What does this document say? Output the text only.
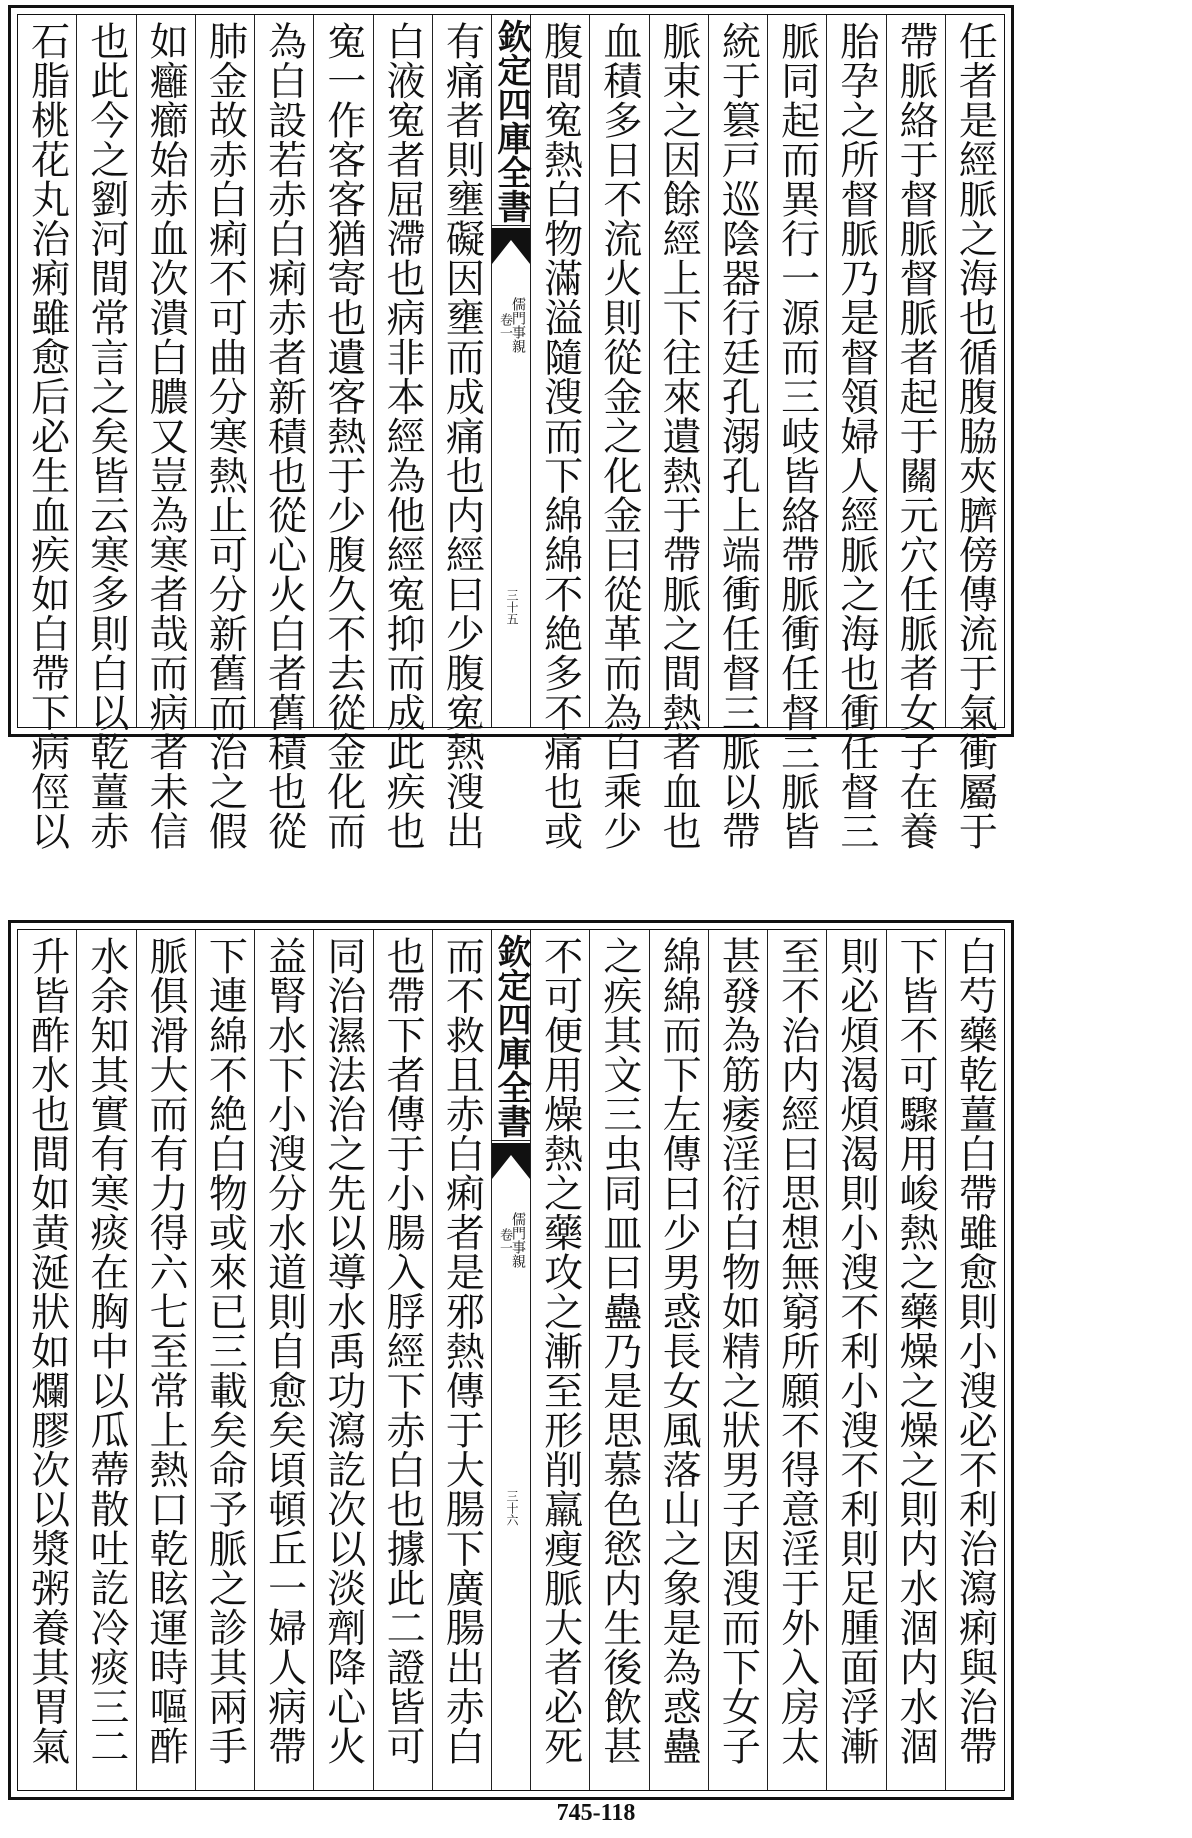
任者是經脈之海也循腹脇夾臍傍傳流于氣衝屬于
帶脈絡于督脈督脈者起于關元穴任脈者女子在養
胎孕之所督脈乃是督領婦人經脈之海也衝任督三
脈同起而異行一源而三岐皆絡帶脈衝任督三脈皆
統于篡戸巡陰器行廷孔溺孔上端衝任督三脈以帶
脈束之因餘經上下往來遺熱于帶脈之間熱者血也
血積多日不流火則從金之化金曰從革而為白乘少
腹間寃熱白物滿溢隨溲而下綿綿不絶多不痛也或
欽定四庫全書
儒門事親
卷一
三十五
有痛者則壅礙因壅而成痛也内經曰少腹寃熱溲出
白液寃者屈滯也病非本經為他經寃抑而成此疾也
寃一作客客猶寄也遺客熱于少腹久不去從金化而
為白設若赤白痢赤者新積也從心火白者舊積也從
肺金故赤白痢不可曲分寒熱止可分新舊而治之假
如癰癤始赤血次潰白膿又豈為寒者哉而病者未信
也此今之劉河間常言之矣皆云寒多則白以乾薑赤
石脂桃花丸治痢雖愈后必生血疾如白帶下病俓以
白芍藥乾薑白帶雖愈則小溲必不利治瀉痢與治帶
下皆不可驟用峻熱之藥燥之燥之則内水涸内水涸
則必煩渴煩渴則小溲不利小溲不利則足腫面浮漸
至不治内經曰思想無窮所願不得意淫于外入房太
甚發為筋痿淫衍白物如精之狀男子因溲而下女子
綿綿而下左傳曰少男惑長女風落山之象是為惑蠱
之疾其文三虫同皿曰蠱乃是思慕色慾内生後飲甚
不可便用燥熱之藥攻之漸至形削羸瘦脈大者必死
欽定四庫全書
儒門事親
卷一
三十六
而不救且赤白痢者是邪熱傳于大腸下廣腸出赤白
也帶下者傳于小腸入脬經下赤白也據此二證皆可
同治濕法治之先以導水禹功瀉訖次以淡劑降心火
益腎水下小溲分水道則自愈矣頃頓丘一婦人病帶
下連綿不絶白物或來已三載矣命予脈之診其兩手
脈俱滑大而有力得六七至常上熱口乾眩運時嘔酢
水余知其實有寒痰在胸中以瓜蔕散吐訖冷痰三二
升皆酢水也間如黄涎狀如爛膠次以漿粥養其胃氣
745-118
